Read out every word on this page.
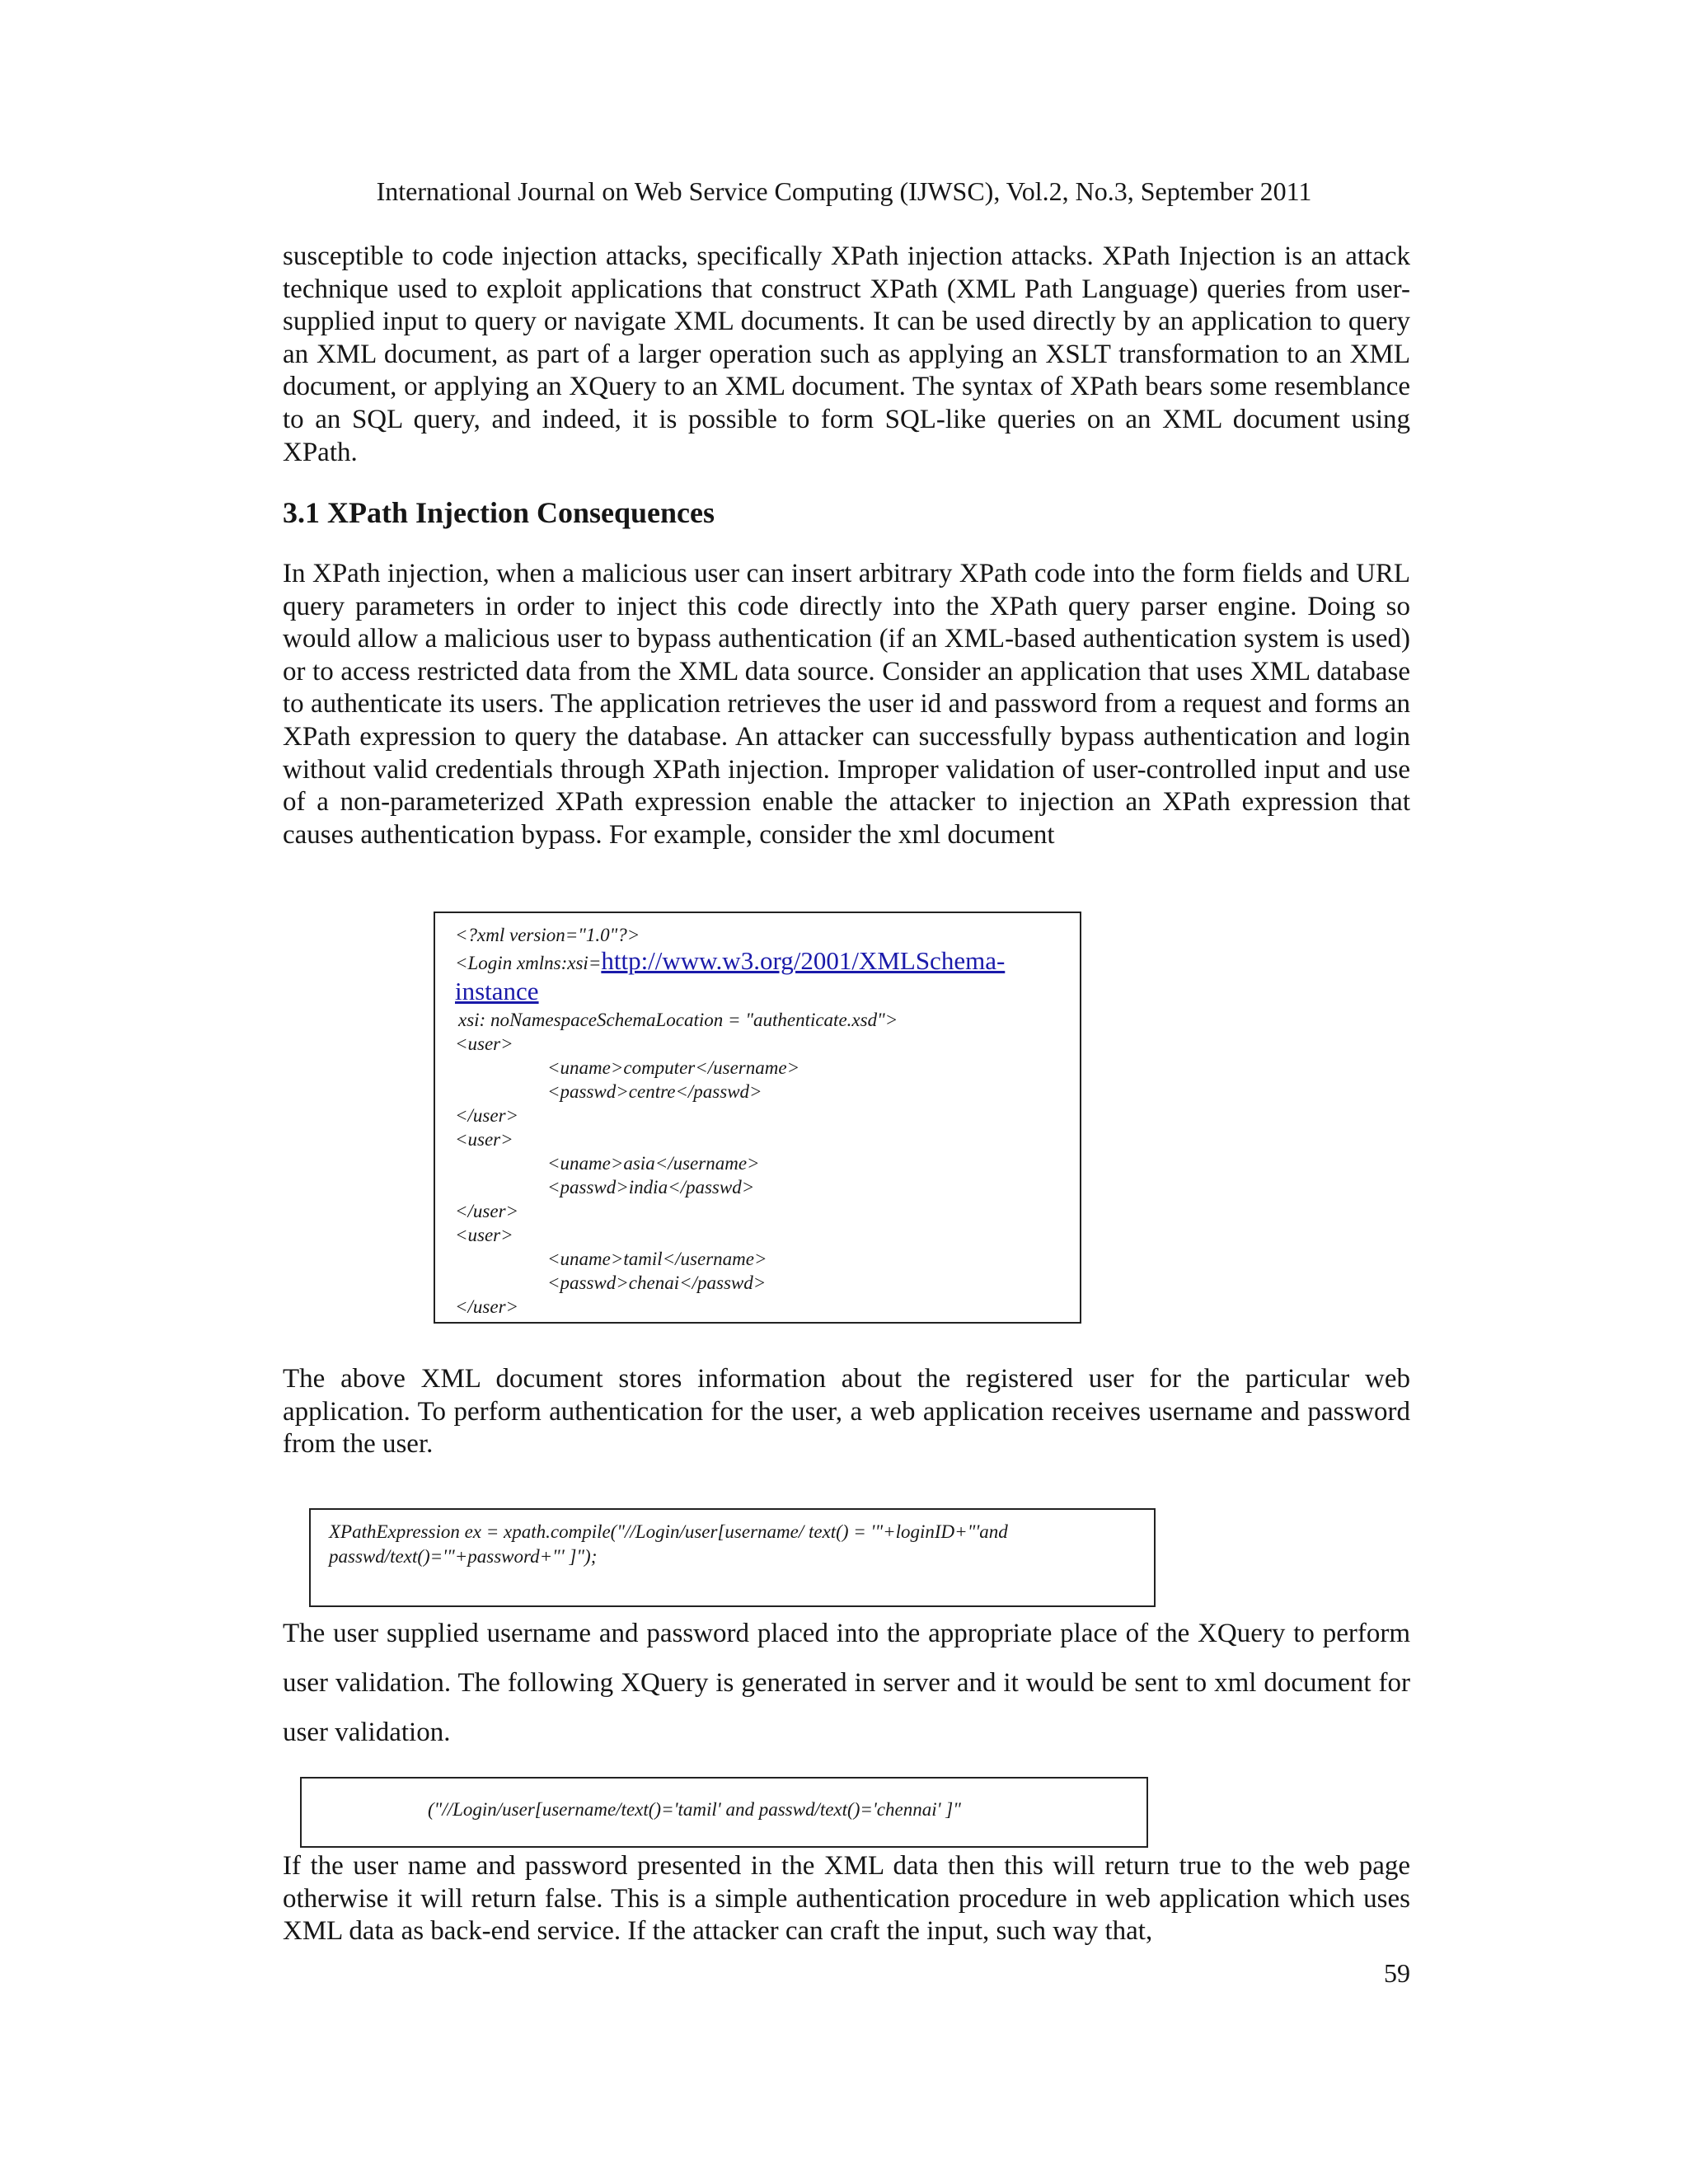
International Journal on Web Service Computing (IJWSC), Vol.2, No.3, September 2011

susceptible to code injection attacks, specifically XPath injection attacks. XPath Injection is an attack technique used to exploit applications that construct XPath (XML Path Language) queries from user-supplied input to query or navigate XML documents. It can be used directly by an application to query an XML document, as part of a larger operation such as applying an XSLT transformation to an XML document, or applying an XQuery to an XML document. The syntax of XPath bears some resemblance to an SQL query, and indeed, it is possible to form SQL-like queries on an XML document using XPath.

3.1 XPath Injection Consequences

In XPath injection, when a malicious user can insert arbitrary XPath code into the form fields and URL query parameters in order to inject this code directly into the XPath query parser engine. Doing so would allow a malicious user to bypass authentication (if an XML-based authentication system is used) or to access restricted data from the XML data source. Consider an application that uses XML database to authenticate its users. The application retrieves the user id and password from a request and forms an XPath expression to query the database. An attacker can successfully bypass authentication and login without valid credentials through XPath injection. Improper validation of user-controlled input and use of a non-parameterized XPath expression enable the attacker to injection an XPath expression that causes authentication bypass. For example, consider the xml document

<?xml version="1.0"?>
<Login xmlns:xsi=http://www.w3.org/2001/XMLSchema-
instance
xsi: noNamespaceSchemaLocation = "authenticate.xsd">
<user>
<uname>computer</username>
<passwd>centre</passwd>
</user>
<user>
<uname>asia</username>
<passwd>india</passwd>
</user>
<user>
<uname>tamil</username>
<passwd>chenai</passwd>
</user>

The above XML document stores information about the registered user for the particular web application. To perform authentication for the user, a web application receives username and password from the user.

XPathExpression ex = xpath.compile("//Login/user[username/ text() = '"+loginID+"'and passwd/text()='"+password+"' ]");

The user supplied username and password placed into the appropriate place of the XQuery to perform user validation. The following XQuery is generated in server and it would be sent to xml document for user validation.

("//Login/user[username/text()='tamil' and passwd/text()='chennai' ]"

If the user name and password presented in the XML data then this will return true to the web page otherwise it will return false. This is a simple authentication procedure in web application which uses XML data as back-end service. If the attacker can craft the input, such way that,

59
